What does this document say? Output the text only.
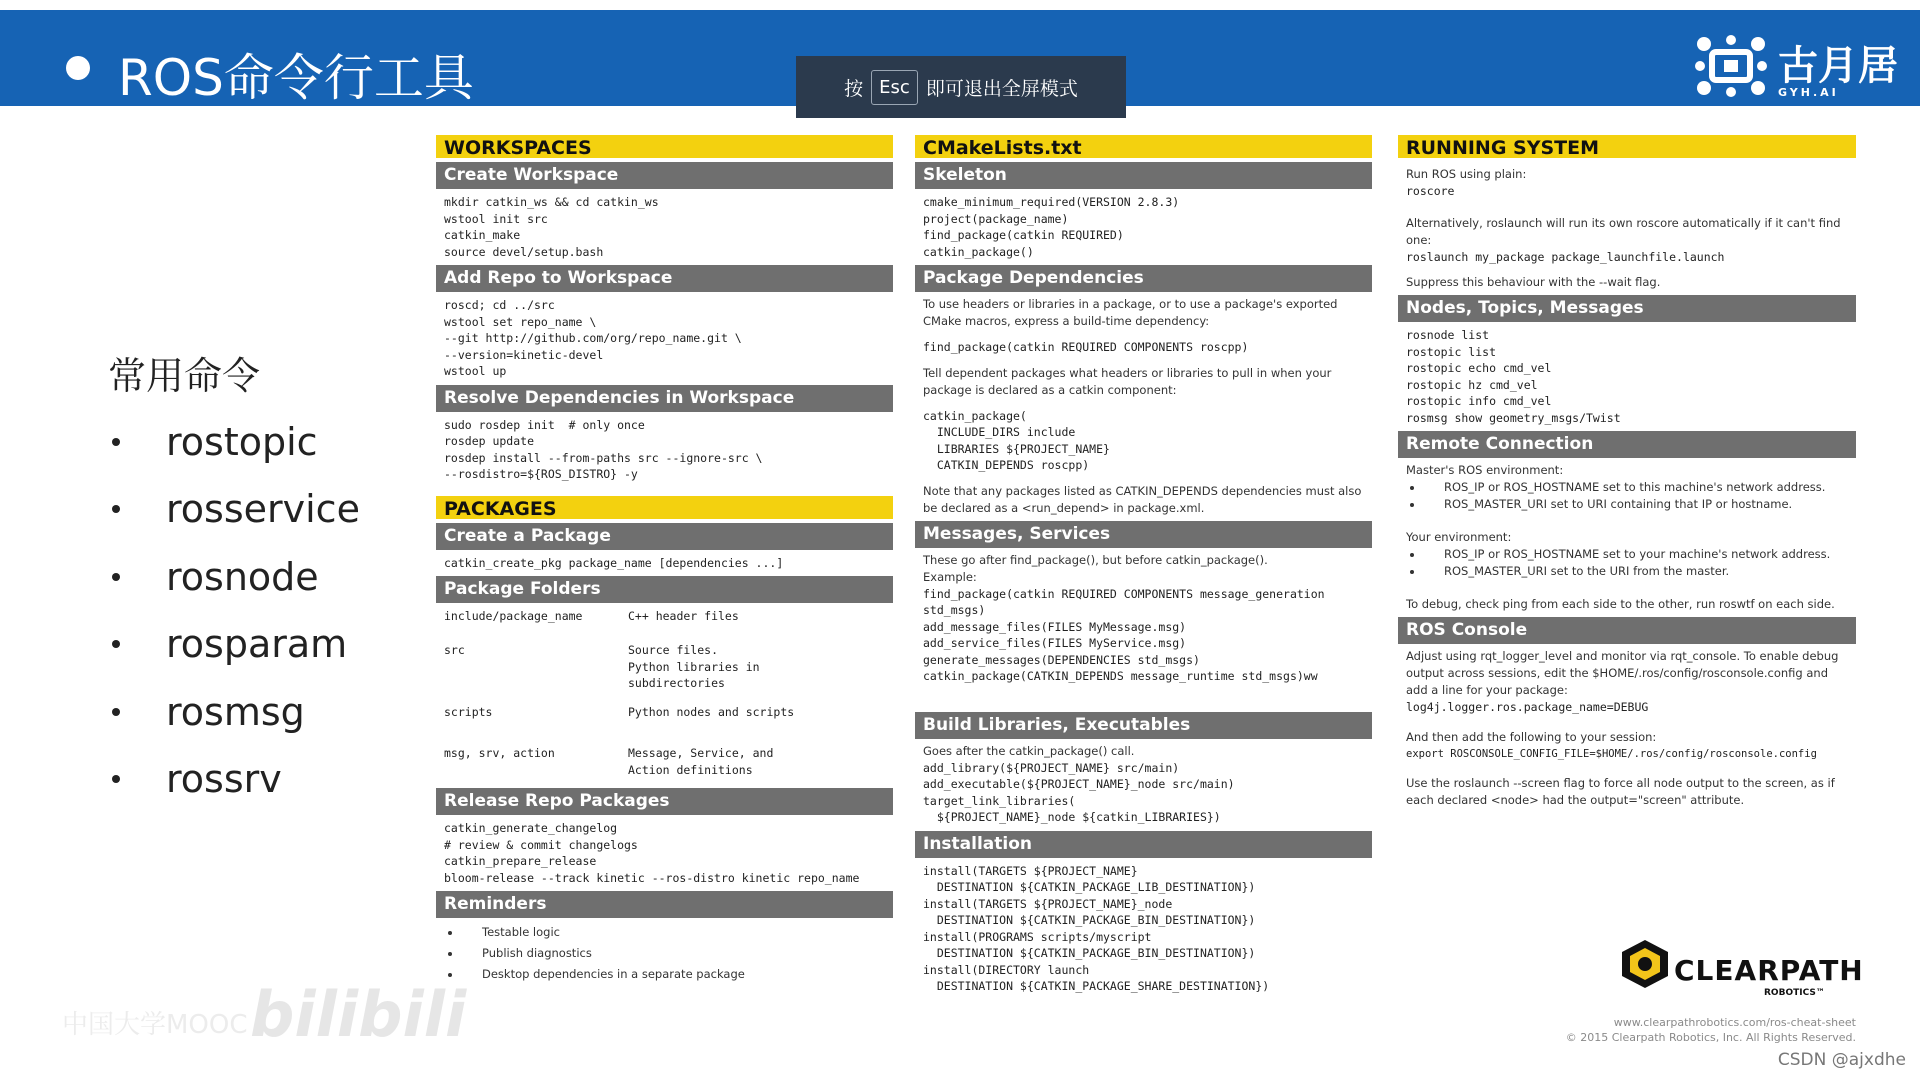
ROS命令行工具	古月居
GYH.AI
按 Esc 即可退出全屏模式
常用命令
rostopic
rosservice
rosnode
rosparam
rosmsg
rossrv
中国大学MOOC bilibili
WORKSPACES
Create Workspace
mkdir catkin_ws && cd catkin_ws
wstool init src
catkin_make
source devel/setup.bash
Add Repo to Workspace
roscd; cd ../src
wstool set repo_name \
--git http://github.com/org/repo_name.git \
--version=kinetic-devel
wstool up
Resolve Dependencies in Workspace
sudo rosdep init  # only once
rosdep update
rosdep install --from-paths src --ignore-src \
--rosdistro=${ROS_DISTRO} -y
PACKAGES
Create a Package
catkin_create_pkg package_name [dependencies ...]
Package Folders
include/package_name	C++ header files
src	Source files.
Python libraries in
subdirectories
scripts	Python nodes and scripts
msg, srv, action	Message, Service, and
Action definitions
Release Repo Packages
catkin_generate_changelog
# review & commit changelogs
catkin_prepare_release
bloom-release --track kinetic --ros-distro kinetic repo_name
Reminders
Testable logic
Publish diagnostics
Desktop dependencies in a separate package
CMakeLists.txt
Skeleton
cmake_minimum_required(VERSION 2.8.3)
project(package_name)
find_package(catkin REQUIRED)
catkin_package()
Package Dependencies
To use headers or libraries in a package, or to use a package's exported CMake macros, express a build-time dependency:
find_package(catkin REQUIRED COMPONENTS roscpp)
Tell dependent packages what headers or libraries to pull in when your package is declared as a catkin component:
catkin_package(
INCLUDE_DIRS include
LIBRARIES ${PROJECT_NAME}
CATKIN_DEPENDS roscpp)
Note that any packages listed as CATKIN_DEPENDS dependencies must also be declared as a <run_depend> in package.xml.
Messages, Services
These go after find_package(), but before catkin_package().
Example:
find_package(catkin REQUIRED COMPONENTS message_generation
std_msgs)
add_message_files(FILES MyMessage.msg)
add_service_files(FILES MyService.msg)
generate_messages(DEPENDENCIES std_msgs)
catkin_package(CATKIN_DEPENDS message_runtime std_msgs)ww
Build Libraries, Executables
Goes after the catkin_package() call.
add_library(${PROJECT_NAME} src/main)
add_executable(${PROJECT_NAME}_node src/main)
target_link_libraries(
${PROJECT_NAME}_node ${catkin_LIBRARIES})
Installation
install(TARGETS ${PROJECT_NAME}
DESTINATION ${CATKIN_PACKAGE_LIB_DESTINATION})
install(TARGETS ${PROJECT_NAME}_node
DESTINATION ${CATKIN_PACKAGE_BIN_DESTINATION})
install(PROGRAMS scripts/myscript
DESTINATION ${CATKIN_PACKAGE_BIN_DESTINATION})
install(DIRECTORY launch
DESTINATION ${CATKIN_PACKAGE_SHARE_DESTINATION})
RUNNING SYSTEM
Run ROS using plain:
roscore
Alternatively, roslaunch will run its own roscore automatically if it can't find one:
roslaunch my_package package_launchfile.launch
Suppress this behaviour with the --wait flag.
Nodes, Topics, Messages
rosnode list
rostopic list
rostopic echo cmd_vel
rostopic hz cmd_vel
rostopic info cmd_vel
rosmsg show geometry_msgs/Twist
Remote Connection
Master's ROS environment:
ROS_IP or ROS_HOSTNAME set to this machine's network address.
ROS_MASTER_URI set to URI containing that IP or hostname.
Your environment:
ROS_IP or ROS_HOSTNAME set to your machine's network address.
ROS_MASTER_URI set to the URI from the master.
To debug, check ping from each side to the other, run roswtf on each side.
ROS Console
Adjust using rqt_logger_level and monitor via rqt_console. To enable debug output across sessions, edit the $HOME/.ros/config/rosconsole.config and add a line for your package:
log4j.logger.ros.package_name=DEBUG
And then add the following to your session:
export ROSCONSOLE_CONFIG_FILE=$HOME/.ros/config/rosconsole.config
Use the roslaunch --screen flag to force all node output to the screen, as if each declared <node> had the output="screen" attribute.
CLEARPATH
ROBOTICS™
www.clearpathrobotics.com/ros-cheat-sheet
© 2015 Clearpath Robotics, Inc. All Rights Reserved.
CSDN @ajxdhe
